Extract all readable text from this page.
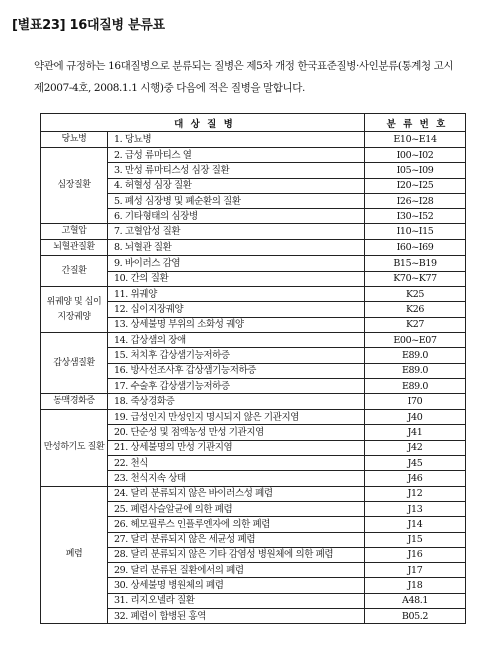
[별표23] 16대질병 분류표

약관에 규정하는 16대질병으로 분류되는 질병은 제5차 개정 한국표준질병·사인분류(통계청 고시

제2007-4호, 2008.1.1 시행)중 다음에 적은 질병을 말합니다.

대 상 질 병		분 류 번 호
당뇨병	1. 당뇨병	E10~E14
심장질환	2. 급성 류마티스 열	I00~I02
	3. 만성 류마티스성 심장 질환	I05~I09
	4. 허혈성 심장 질환	I20~I25
	5. 폐성 심장병 및 폐순환의 질환	I26~I28
	6. 기타형태의 심장병	I30~I52
고혈압	7. 고혈압성 질환	I10~I15
뇌혈관질환	8. 뇌혈관 질환	I60~I69
간질환	9. 바이러스 감염	B15~B19
	10. 간의 질환	K70~K77
위궤양 및 십이지장궤양	11. 위궤양	K25
	12. 십이지장궤양	K26
	13. 상세불명 부위의 소화성 궤양	K27
갑상샘질환	14. 갑상샘의 장애	E00~E07
	15. 처치후 갑상샘기능저하증	E89.0
	16. 방사선조사후 갑상샘기능저하증	E89.0
	17. 수술후 갑상샘기능저하증	E89.0
동맥경화증	18. 죽상경화증	I70
만성하기도 질환	19. 급성인지 만성인지 명시되지 않은 기관지염	J40
	20. 단순성 및 점액농성 만성 기관지염	J41
	21. 상세불명의 만성 기관지염	J42
	22. 천식	J45
	23. 천식지속 상태	J46
폐렴	24. 달리 분류되지 않은 바이러스성 폐렴	J12
	25. 폐렴사슬알균에 의한 폐렴	J13
	26. 헤모필루스 인플루엔자에 의한 폐렴	J14
	27. 달리 분류되지 않은 세균성 폐렴	J15
	28. 달리 분류되지 않은 기타 감염성 병원체에 의한 폐렴	J16
	29. 달리 분류된 질환에서의 폐렴	J17
	30. 상세불명 병원체의 폐렴	J18
	31. 리지오넬라 질환	A48.1
	32. 폐렴이 합병된 홍역	B05.2
